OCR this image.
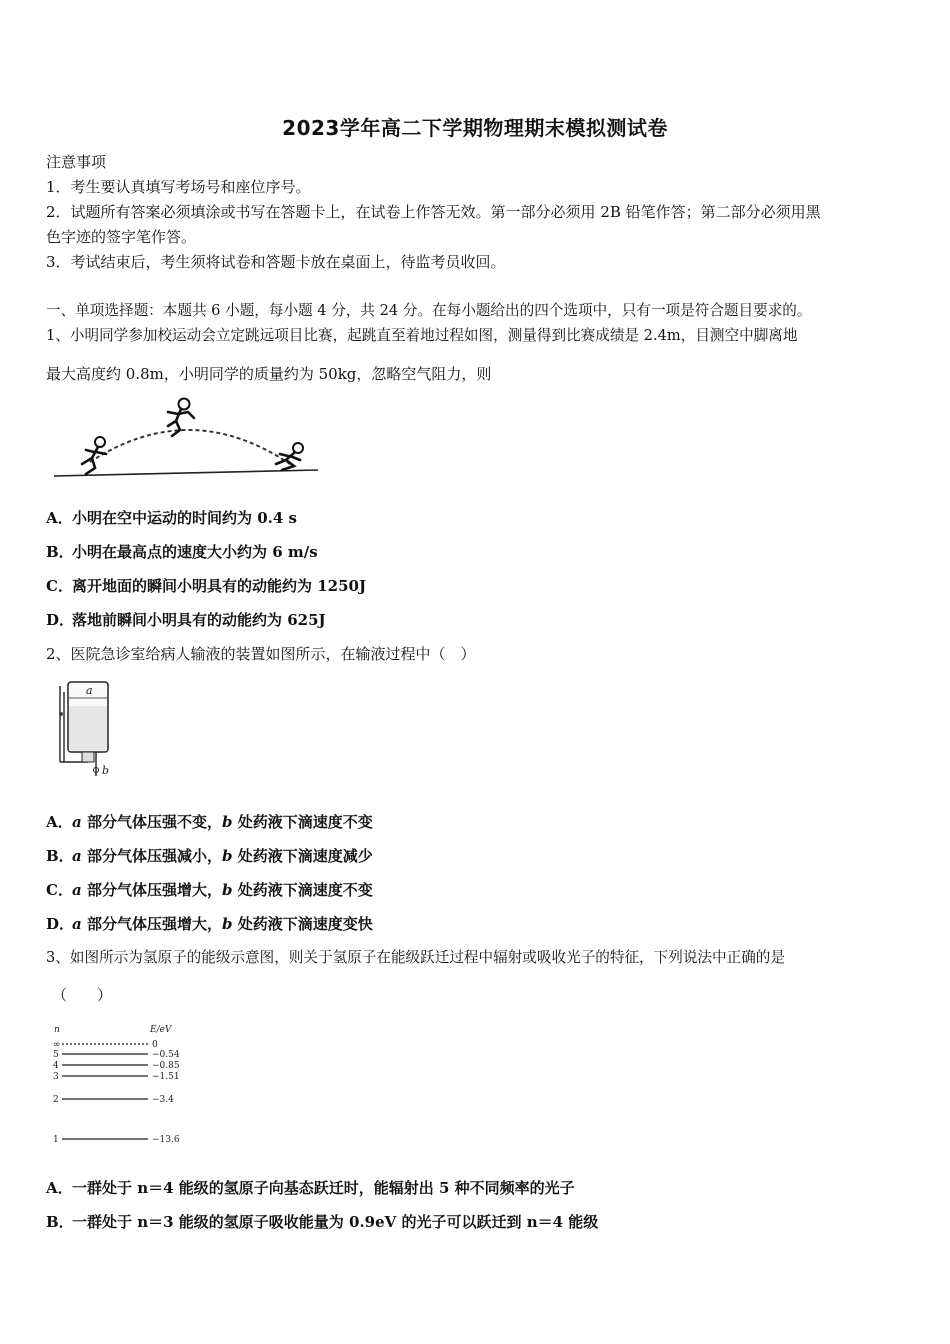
2023学年高二下学期物理期末模拟测试卷
注意事项
1．考生要认真填写考场号和座位序号。
2．试题所有答案必须填涂或书写在答题卡上，在试卷上作答无效。第一部分必须用 2B 铅笔作答；第二部分必须用黑
色字迹的签字笔作答。
3．考试结束后，考生须将试卷和答题卡放在桌面上，待监考员收回。
一、单项选择题：本题共 6 小题，每小题 4 分，共 24 分。在每小题给出的四个选项中，只有一项是符合题目要求的。
1、小明同学参加校运动会立定跳远项目比赛，起跳直至着地过程如图，测量得到比赛成绩是 2.4m，目测空中脚离地
最大高度约 0.8m，小明同学的质量约为 50kg，忽略空气阻力，则
A．小明在空中运动的时间约为 0.4 s
B．小明在最高点的速度大小约为 6 m/s
C．离开地面的瞬间小明具有的动能约为 1250J
D．落地前瞬间小明具有的动能约为 625J
2、医院急诊室给病人输液的装置如图所示，在输液过程中（　）
a
b
A．a 部分气体压强不变，b 处药液下滴速度不变
B．a 部分气体压强减小，b 处药液下滴速度减少
C．a 部分气体压强增大，b 处药液下滴速度不变
D．a 部分气体压强增大，b 处药液下滴速度变快
3、如图所示为氢原子的能级示意图，则关于氢原子在能级跃迁过程中辐射或吸收光子的特征，下列说法中正确的是
（　　）
n	E/eV
∞	0
5	−0.54
4	−0.85
3	−1.51
2	−3.4
1	−13.6
A．一群处于 n＝4 能级的氢原子向基态跃迁时，能辐射出 5 种不同频率的光子
B．一群处于 n＝3 能级的氢原子吸收能量为 0.9eV 的光子可以跃迁到 n＝4 能级
